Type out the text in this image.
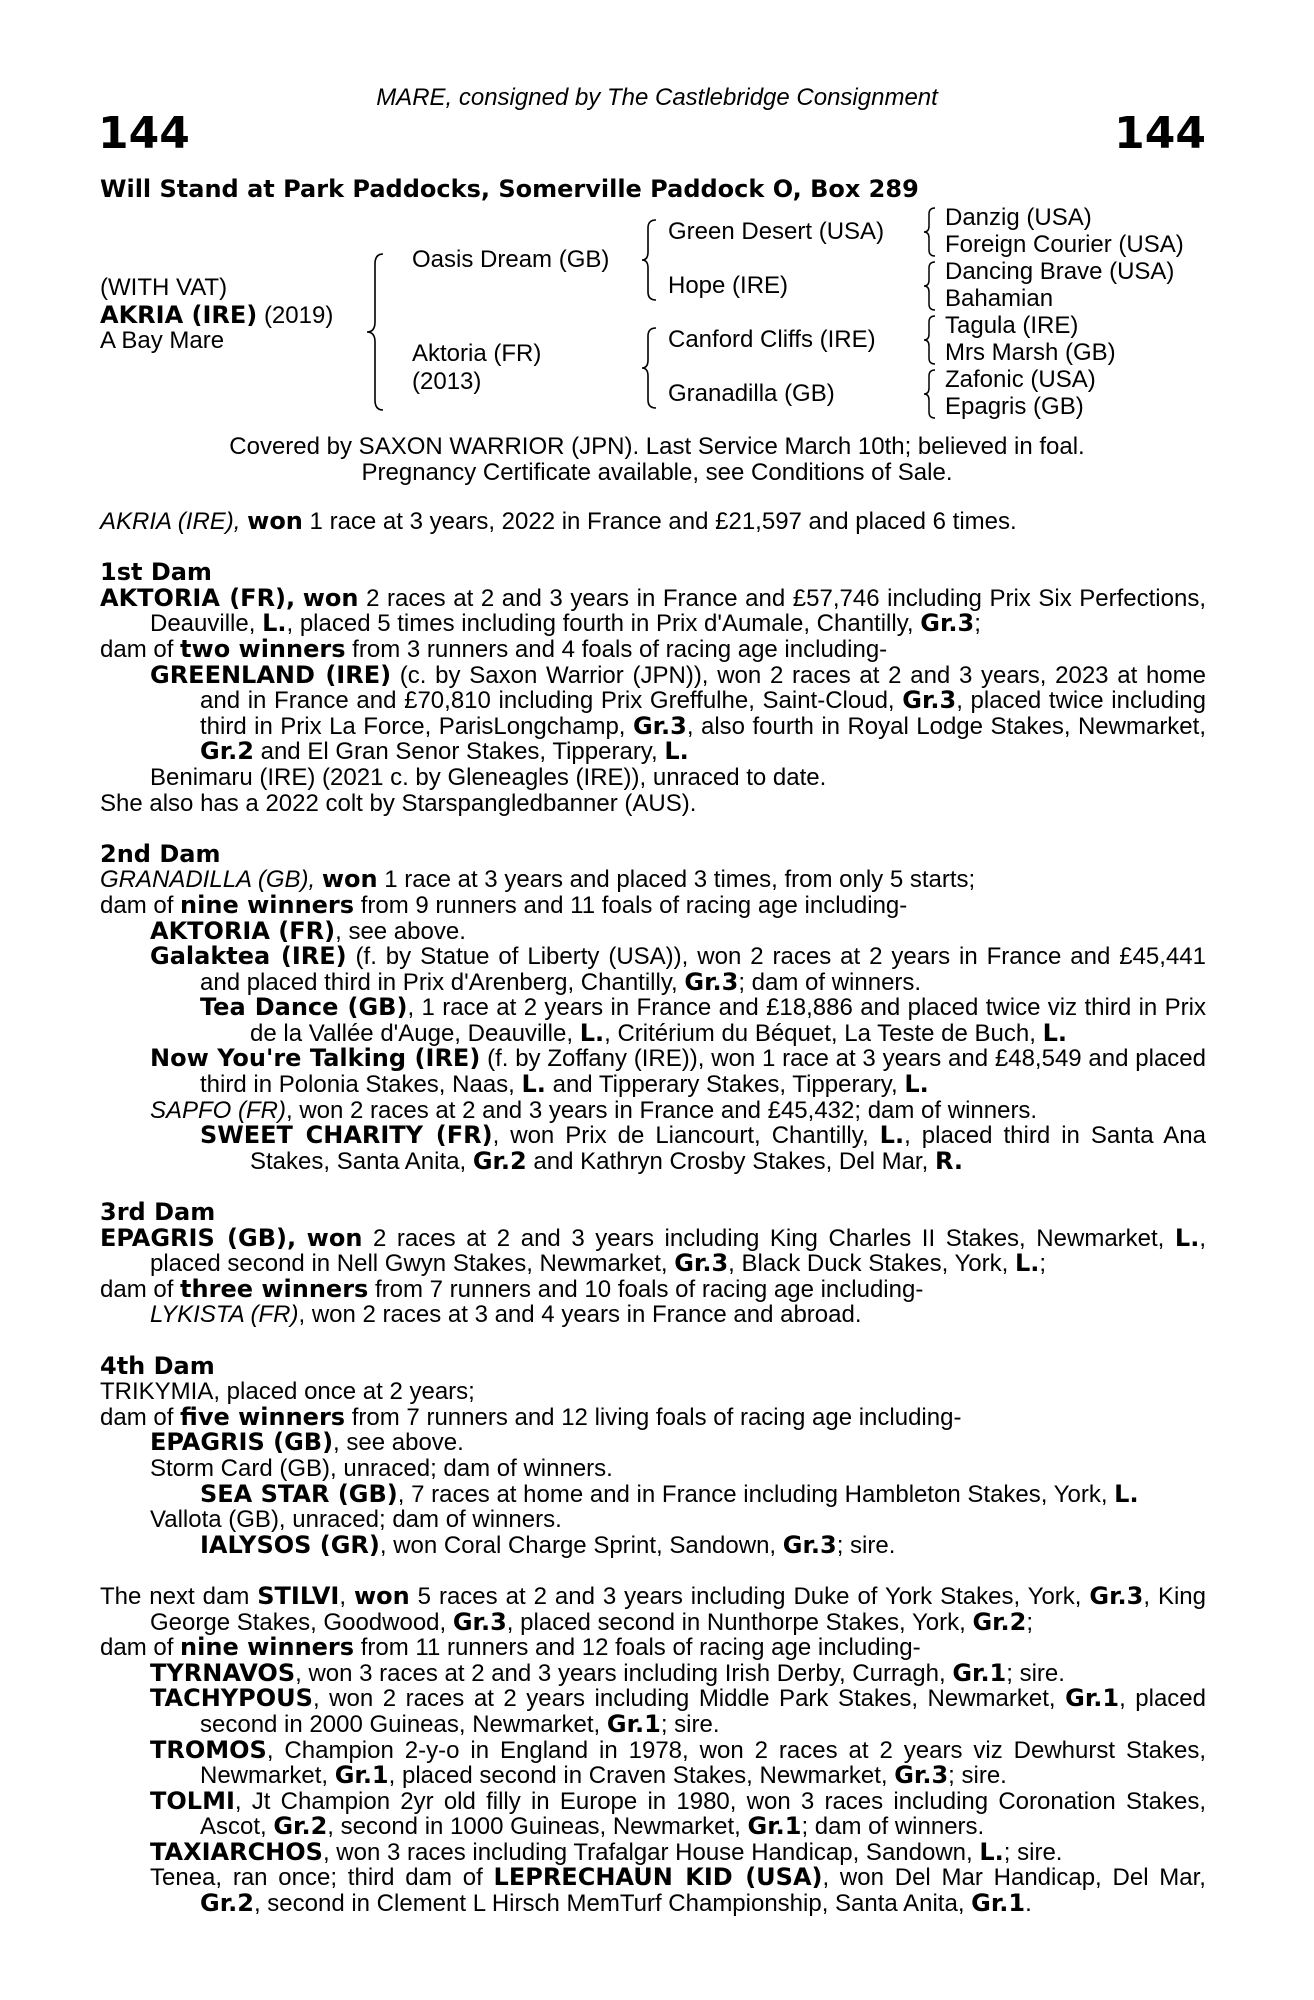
MARE, consigned by The Castlebridge Consignment
144	144
Will Stand at Park Paddocks, Somerville Paddock O, Box 289
(WITH VAT)
AKRIA (IRE) (2019)
A Bay Mare
Oasis Dream (GB)
Aktoria (FR)
(2013)
Green Desert (USA)
Hope (IRE)
Canford Cliffs (IRE)
Granadilla (GB)
Danzig (USA)
Foreign Courier (USA)
Dancing Brave (USA)
Bahamian
Tagula (IRE)
Mrs Marsh (GB)
Zafonic (USA)
Epagris (GB)
Covered by SAXON WARRIOR (JPN). Last Service March 10th; believed in foal.
Pregnancy Certificate available, see Conditions of Sale.

AKRIA (IRE), won 1 race at 3 years, 2022 in France and £21,597 and placed 6 times.

1st Dam

AKTORIA (FR), won 2 races at 2 and 3 years in France and £57,746 including Prix Six Perfections, Deauville, L., placed 5 times including fourth in Prix d'Aumale, Chantilly, Gr.3;

dam of two winners from 3 runners and 4 foals of racing age including-

GREENLAND (IRE) (c. by Saxon Warrior (JPN)), won 2 races at 2 and 3 years, 2023 at home and in France and £70,810 including Prix Greffulhe, Saint-Cloud, Gr.3, placed twice including third in Prix La Force, ParisLongchamp, Gr.3, also fourth in Royal Lodge Stakes, Newmarket, Gr.2 and El Gran Senor Stakes, Tipperary, L.

Benimaru (IRE) (2021 c. by Gleneagles (IRE)), unraced to date.

She also has a 2022 colt by Starspangledbanner (AUS).

2nd Dam

GRANADILLA (GB), won 1 race at 3 years and placed 3 times, from only 5 starts;

dam of nine winners from 9 runners and 11 foals of racing age including-

AKTORIA (FR), see above.

Galaktea (IRE) (f. by Statue of Liberty (USA)), won 2 races at 2 years in France and £45,441 and placed third in Prix d'Arenberg, Chantilly, Gr.3; dam of winners.

Tea Dance (GB), 1 race at 2 years in France and £18,886 and placed twice viz third in Prix de la Vallée d'Auge, Deauville, L., Critérium du Béquet, La Teste de Buch, L.

Now You're Talking (IRE) (f. by Zoffany (IRE)), won 1 race at 3 years and £48,549 and placed third in Polonia Stakes, Naas, L. and Tipperary Stakes, Tipperary, L.

SAPFO (FR), won 2 races at 2 and 3 years in France and £45,432; dam of winners.

SWEET CHARITY (FR), won Prix de Liancourt, Chantilly, L., placed third in Santa Ana Stakes, Santa Anita, Gr.2 and Kathryn Crosby Stakes, Del Mar, R.

3rd Dam

EPAGRIS (GB), won 2 races at 2 and 3 years including King Charles II Stakes, Newmarket, L., placed second in Nell Gwyn Stakes, Newmarket, Gr.3, Black Duck Stakes, York, L.;

dam of three winners from 7 runners and 10 foals of racing age including-

LYKISTA (FR), won 2 races at 3 and 4 years in France and abroad.

4th Dam

TRIKYMIA, placed once at 2 years;

dam of five winners from 7 runners and 12 living foals of racing age including-

EPAGRIS (GB), see above.

Storm Card (GB), unraced; dam of winners.

SEA STAR (GB), 7 races at home and in France including Hambleton Stakes, York, L.

Vallota (GB), unraced; dam of winners.

IALYSOS (GR), won Coral Charge Sprint, Sandown, Gr.3; sire.

The next dam STILVI, won 5 races at 2 and 3 years including Duke of York Stakes, York, Gr.3, King George Stakes, Goodwood, Gr.3, placed second in Nunthorpe Stakes, York, Gr.2;

dam of nine winners from 11 runners and 12 foals of racing age including-

TYRNAVOS, won 3 races at 2 and 3 years including Irish Derby, Curragh, Gr.1; sire.

TACHYPOUS, won 2 races at 2 years including Middle Park Stakes, Newmarket, Gr.1, placed second in 2000 Guineas, Newmarket, Gr.1; sire.

TROMOS, Champion 2-y-o in England in 1978, won 2 races at 2 years viz Dewhurst Stakes, Newmarket, Gr.1, placed second in Craven Stakes, Newmarket, Gr.3; sire.

TOLMI, Jt Champion 2yr old filly in Europe in 1980, won 3 races including Coronation Stakes, Ascot, Gr.2, second in 1000 Guineas, Newmarket, Gr.1; dam of winners.

TAXIARCHOS, won 3 races including Trafalgar House Handicap, Sandown, L.; sire.

Tenea, ran once; third dam of LEPRECHAUN KID (USA), won Del Mar Handicap, Del Mar, Gr.2, second in Clement L Hirsch MemTurf Championship, Santa Anita, Gr.1.
